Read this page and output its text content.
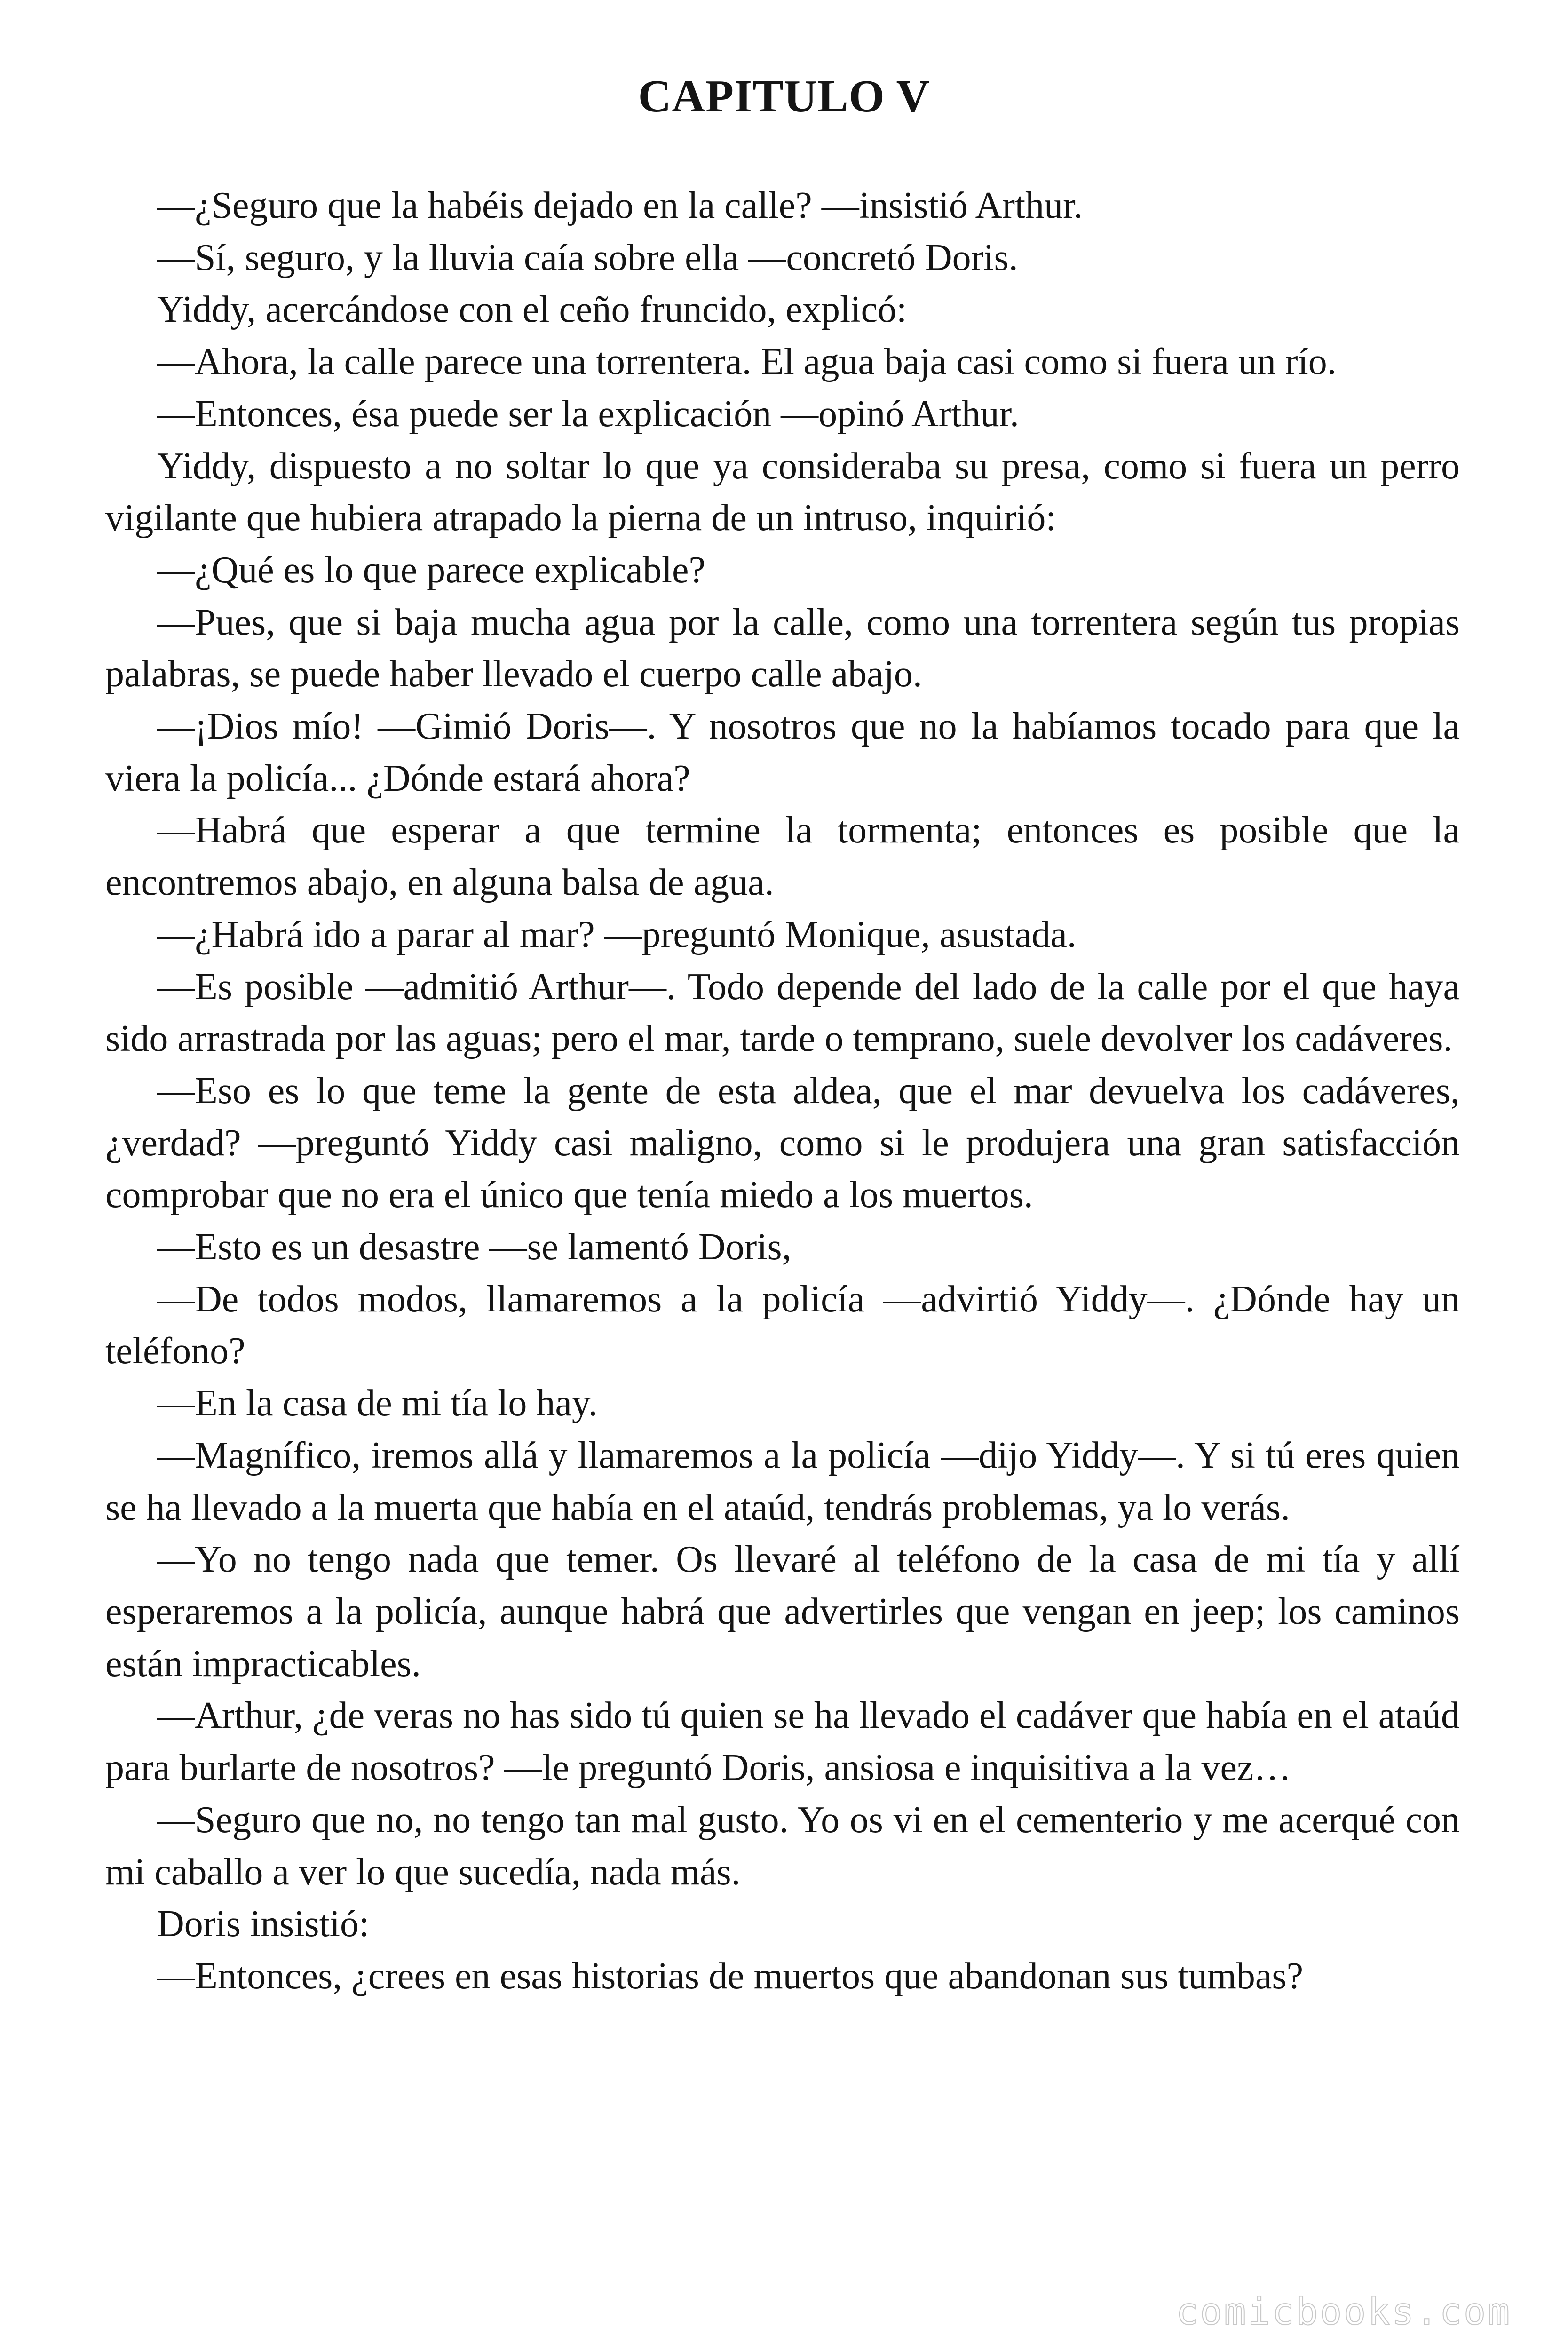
CAPITULO V

—¿Seguro que la habéis dejado en la calle? —insistió Arthur.

—Sí, seguro, y la lluvia caía sobre ella —concretó Doris.

Yiddy, acercándose con el ceño fruncido, explicó:

—Ahora, la calle parece una torrentera. El agua baja casi como si fuera un río.

—Entonces, ésa puede ser la explicación —opinó Arthur.

Yiddy, dispuesto a no soltar lo que ya consideraba su presa, como si fuera un perro vigilante que hubiera atrapado la pierna de un intruso, inquirió:

—¿Qué es lo que parece explicable?

—Pues, que si baja mucha agua por la calle, como una torrentera según tus propias palabras, se puede haber llevado el cuerpo calle abajo.

—¡Dios mío! —Gimió Doris—. Y nosotros que no la habíamos tocado para que la viera la policía... ¿Dónde estará ahora?

—Habrá que esperar a que termine la tormenta; entonces es posible que la encontremos abajo, en alguna balsa de agua.

—¿Habrá ido a parar al mar? —preguntó Monique, asustada.

—Es posible —admitió Arthur—. Todo depende del lado de la calle por el que haya sido arrastrada por las aguas; pero el mar, tarde o temprano, suele devolver los cadáveres.

—Eso es lo que teme la gente de esta aldea, que el mar devuelva los cadáveres, ¿verdad? —preguntó Yiddy casi maligno, como si le produjera una gran satisfacción comprobar que no era el único que tenía miedo a los muertos.

—Esto es un desastre —se lamentó Doris,

—De todos modos, llamaremos a la policía —advirtió Yiddy—. ¿Dónde hay un teléfono?

—En la casa de mi tía lo hay.

—Magnífico, iremos allá y llamaremos a la policía —dijo Yiddy—. Y si tú eres quien se ha llevado a la muerta que había en el ataúd, tendrás problemas, ya lo verás.

—Yo no tengo nada que temer. Os llevaré al teléfono de la casa de mi tía y allí esperaremos a la policía, aunque habrá que advertirles que vengan en jeep; los caminos están impracticables.

—Arthur, ¿de veras no has sido tú quien se ha llevado el cadáver que había en el ataúd para burlarte de nosotros? —le preguntó Doris, ansiosa e inquisitiva a la vez…

—Seguro que no, no tengo tan mal gusto. Yo os vi en el cementerio y me acerqué con mi caballo a ver lo que sucedía, nada más.

Doris insistió:

—Entonces, ¿crees en esas historias de muertos que abandonan sus tumbas?

comicbooks.com
